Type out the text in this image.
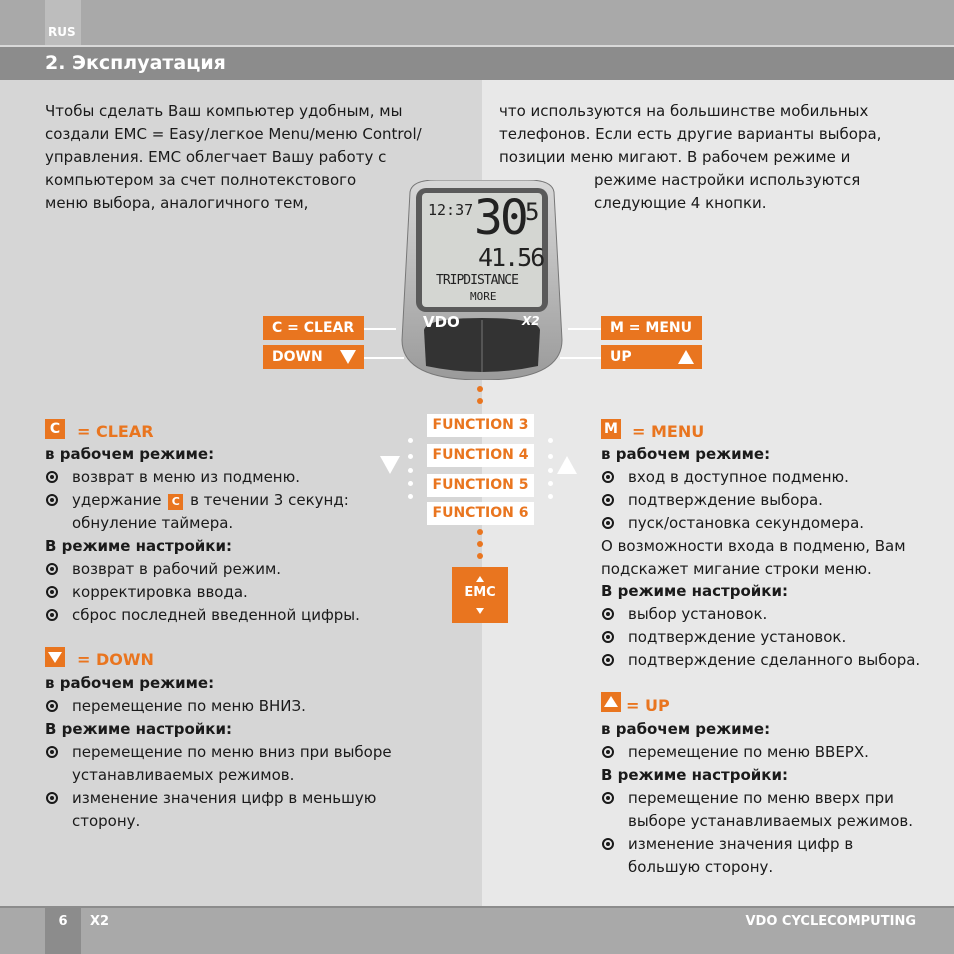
RUS
2. Эксплуатация
Чтобы сделать Ваш компьютер удобным, мы
создали EMC = Easy/легкое Menu/меню Control/
управления. EMC облегчает Вашу работу с
компьютером за счет полнотекстового
меню выбора, аналогичного тем,
что используются на большинстве мобильных
телефонов. Если есть другие варианты выбора,
позиции меню мигают. В рабочем режиме и
режиме настройки используются
следующие 4 кнопки.
12:37 30 5
41.56
TRIPDISTANCE
MORE
VDO	X2
C = CLEAR
DOWN
M = MENU
UP
FUNCTION 3
FUNCTION 4
FUNCTION 5
FUNCTION 6
EMC
C	= CLEAR
в рабочем режиме:
возврат в меню из подменю.
удержание C в течении 3 секунд:
обнуление таймера.
В режиме настройки:
возврат в рабочий режим.
корректировка ввода.
сброс последней введенной цифры.
= DOWN
в рабочем режиме:
перемещение по меню ВНИЗ.
В режиме настройки:
перемещение по меню вниз при выборе
устанавливаемых режимов.
изменение значения цифр в меньшую
сторону.
M = MENU
в рабочем режиме:
вход в доступное подменю.
подтверждение выбора.
пуск/остановка секундомера.
О возможности входа в подменю, Вам
подскажет мигание строки меню.
В режиме настройки:
выбор установок.
подтверждение установок.
подтверждение сделанного выбора.
= UP
в рабочем режиме:
перемещение по меню ВВЕРХ.
В режиме настройки:
перемещение по меню вверх при
выборе устанавливаемых режимов.
изменение значения цифр в
большую сторону.
6	X2	VDO CYCLECOMPUTING
